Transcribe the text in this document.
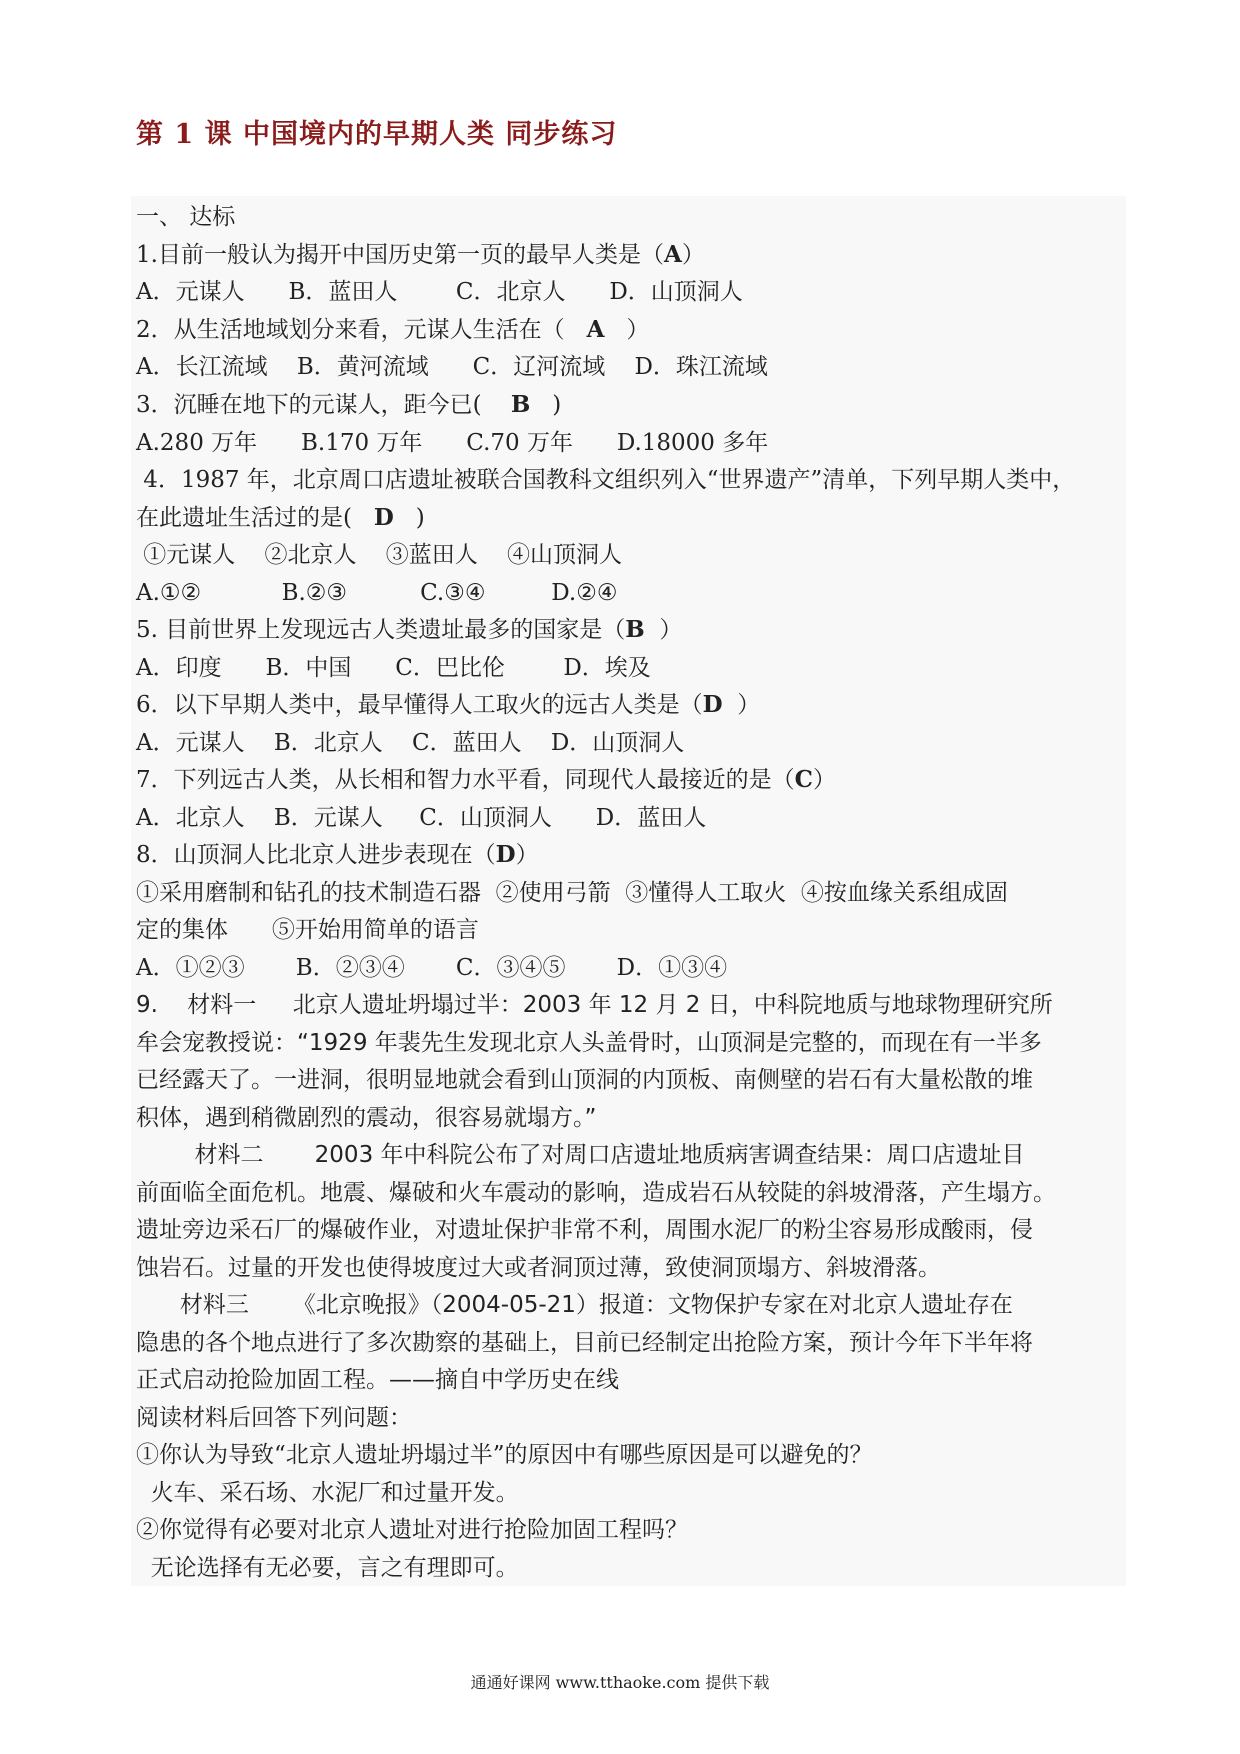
第 1 课 中国境内的早期人类 同步练习
一、 达标
1.目前一般认为揭开中国历史第一页的最早人类是（A）
A．元谋人      B．蓝田人        C．北京人      D．山顶洞人
2．从生活地域划分来看，元谋人生活在（   A   ）
A．长江流域    B．黄河流域      C．辽河流域    D．珠江流域
3．沉睡在地下的元谋人，距今已(    B   )
A.280 万年      B.170 万年      C.70 万年      D.18000 多年
4．1987 年，北京周口店遗址被联合国教科文组织列入“世界遗产”清单，下列早期人类中，
在此遗址生活过的是(   D   )
①元谋人    ②北京人    ③蓝田人    ④山顶洞人
A.①②           B.②③          C.③④         D.②④
5. 目前世界上发现远古人类遗址最多的国家是（B  ）
A．印度      B．中国      C．巴比伦        D．埃及
6．以下早期人类中，最早懂得人工取火的远古人类是（D  ）
A．元谋人    B．北京人    C．蓝田人    D．山顶洞人
7．下列远古人类，从长相和智力水平看，同现代人最接近的是（C）
A．北京人    B．元谋人     C．山顶洞人      D．蓝田人
8．山顶洞人比北京人进步表现在（D）
①采用磨制和钻孔的技术制造石器  ②使用弓箭  ③懂得人工取火  ④按血缘关系组成固
定的集体      ⑤开始用简单的语言
A．①②③       B．②③④       C．③④⑤       D．①③④
9.    材料一     北京人遗址坍塌过半：2003 年 12 月 2 日，中科院地质与地球物理研究所
牟会宠教授说：“1929 年裴先生发现北京人头盖骨时，山顶洞是完整的，而现在有一半多
已经露天了。一进洞，很明显地就会看到山顶洞的内顶板、南侧壁的岩石有大量松散的堆
积体，遇到稍微剧烈的震动，很容易就塌方。”
材料二       2003 年中科院公布了对周口店遗址地质病害调查结果：周口店遗址目
前面临全面危机。地震、爆破和火车震动的影响，造成岩石从较陡的斜坡滑落，产生塌方。
遗址旁边采石厂的爆破作业，对遗址保护非常不利，周围水泥厂的粉尘容易形成酸雨，侵
蚀岩石。过量的开发也使得坡度过大或者洞顶过薄，致使洞顶塌方、斜坡滑落。
材料三      《北京晚报》（2004-05-21）报道：文物保护专家在对北京人遗址存在
隐患的各个地点进行了多次勘察的基础上，目前已经制定出抢险方案，预计今年下半年将
正式启动抢险加固工程。——摘自中学历史在线
阅读材料后回答下列问题：
①你认为导致“北京人遗址坍塌过半”的原因中有哪些原因是可以避免的？
火车、采石场、水泥厂和过量开发。
②你觉得有必要对北京人遗址对进行抢险加固工程吗？
无论选择有无必要，言之有理即可。
通通好课网 www.tthaoke.com 提供下载
